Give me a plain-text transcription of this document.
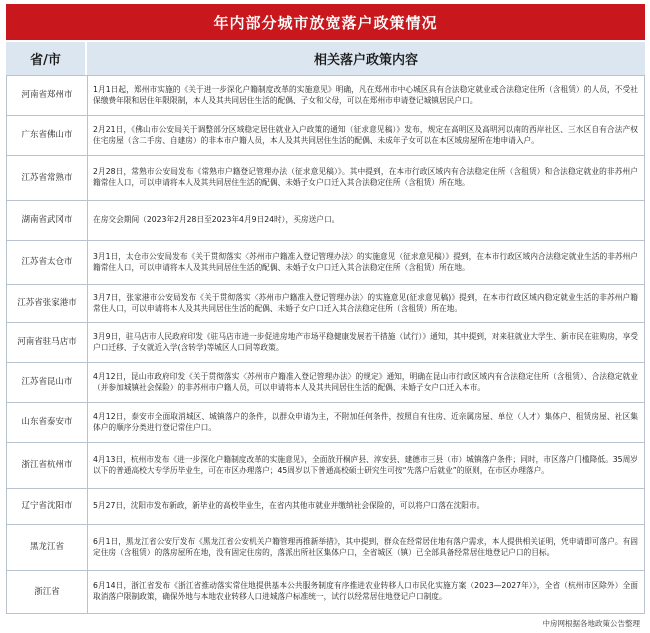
年内部分城市放宽落户政策情况
省/市	相关落户政策内容
河南省郑州市	1月1日起，郑州市实施的《关于进一步深化户籍制度改革的实施意见》明确，凡在郑州市中心城区具有合法稳定就业或合法稳定住所（含租赁）的人员，不受社保缴费年限和居住年限限制，本人及其共同居住生活的配偶、子女和父母，可以在郑州市申请登记城镇居民户口。
广东省佛山市	2月21日，《佛山市公安局关于调整部分区域稳定居住就业入户政策的通知（征求意见稿）》发布，规定在高明区及高明河以南的西岸社区、三水区自有合法产权住宅房屋（含二手房、自建房）的非本市户籍人员，本人及其共同居住生活的配偶、未成年子女可以在本区域房屋所在地申请入户。
江苏省常熟市	2月28日，常熟市公安局发布《常熟市户籍登记管理办法（征求意见稿）》。其中提到，在本市行政区域内有合法稳定住所（含租赁）和合法稳定就业的非苏州户籍常住人口，可以申请将本人及其共同居住生活的配偶、未婚子女户口迁入其合法稳定住所（含租赁）所在地。
湖南省武冈市	在房交会期间（2023年2月28日至2023年4月9日24时），买房送户口。
江苏省太仓市	3月1日，太仓市公安局发布《关于贯彻落实〈苏州市户籍准入登记管理办法〉的实施意见（征求意见稿）》提到，在本市行政区域内合法稳定就业生活的非苏州户籍常住人口，可以申请将本人及其共同居住生活的配偶、未婚子女户口迁入其合法稳定住所（含租赁）所在地。
江苏省张家港市	3月7日，张家港市公安局发布《关于贯彻落实〈苏州市户籍准入登记管理办法〉的实施意见(征求意见稿)》提到，在本市行政区域内稳定就业生活的非苏州户籍常住人口，可以申请将本人及其共同居住生活的配偶、未婚子女户口迁入其合法稳定住所（含租赁）所在地。
河南省驻马店市	3月9日，驻马店市人民政府印发《驻马店市进一步促进房地产市场平稳健康发展若干措施（试行）》通知，其中提到，对来驻就业大学生、新市民在驻购房，享受户口迁移、子女就近入学(含转学)等城区人口同等政策。
江苏省昆山市	4月12日，昆山市政府印发《关于贯彻落实〈苏州市户籍准入登记管理办法〉的规定》通知，明确在昆山市行政区域内有合法稳定住所（含租赁）、合法稳定就业（并参加城镇社会保险）的非苏州市户籍人员，可以申请将本人及其共同居住生活的配偶、未婚子女户口迁入本市。
山东省泰安市	4月12日，泰安市全面取消城区、城镇落户的条件，以群众申请为主，不附加任何条件，按照自有住房、近亲属房屋、单位（人才）集体户、租赁房屋、社区集体户的顺序分类进行登记常住户口。
浙江省杭州市	4月13日，杭州市发布《进一步深化户籍制度改革的实施意见》，全面放开桐庐县、淳安县、建德市三县（市）城镇落户条件；同时，市区落户门槛降低。35周岁以下的普通高校大专学历毕业生，可在市区办理落户；45周岁以下普通高校硕士研究生可按“先落户后就业”的原则，在市区办理落户。
辽宁省沈阳市	5月27日，沈阳市发布新政，新毕业的高校毕业生，在省内其他市就业并缴纳社会保险的，可以将户口落在沈阳市。
黑龙江省	6月1日，黑龙江省公安厅发布《黑龙江省公安机关户籍管理再推新举措》，其中提到，群众在经常居住地有落户需求，本人提供相关证明，凭申请即可落户。有固定住房（含租赁）的落房屋所在地，没有固定住房的，落派出所社区集体户口，全省城区（镇）已全部具备经常居住地登记户口的目标。
浙江省	6月14日，浙江省发布《浙江省推动落实常住地提供基本公共服务制度有序推进农业转移人口市民化实施方案（2023—2027年）》，全省（杭州市区除外）全面取消落户限制政策，确保外地与本地农业转移人口进城落户标准统一，试行以经常居住地登记户口制度。
中房网根据各地政策公告整理
